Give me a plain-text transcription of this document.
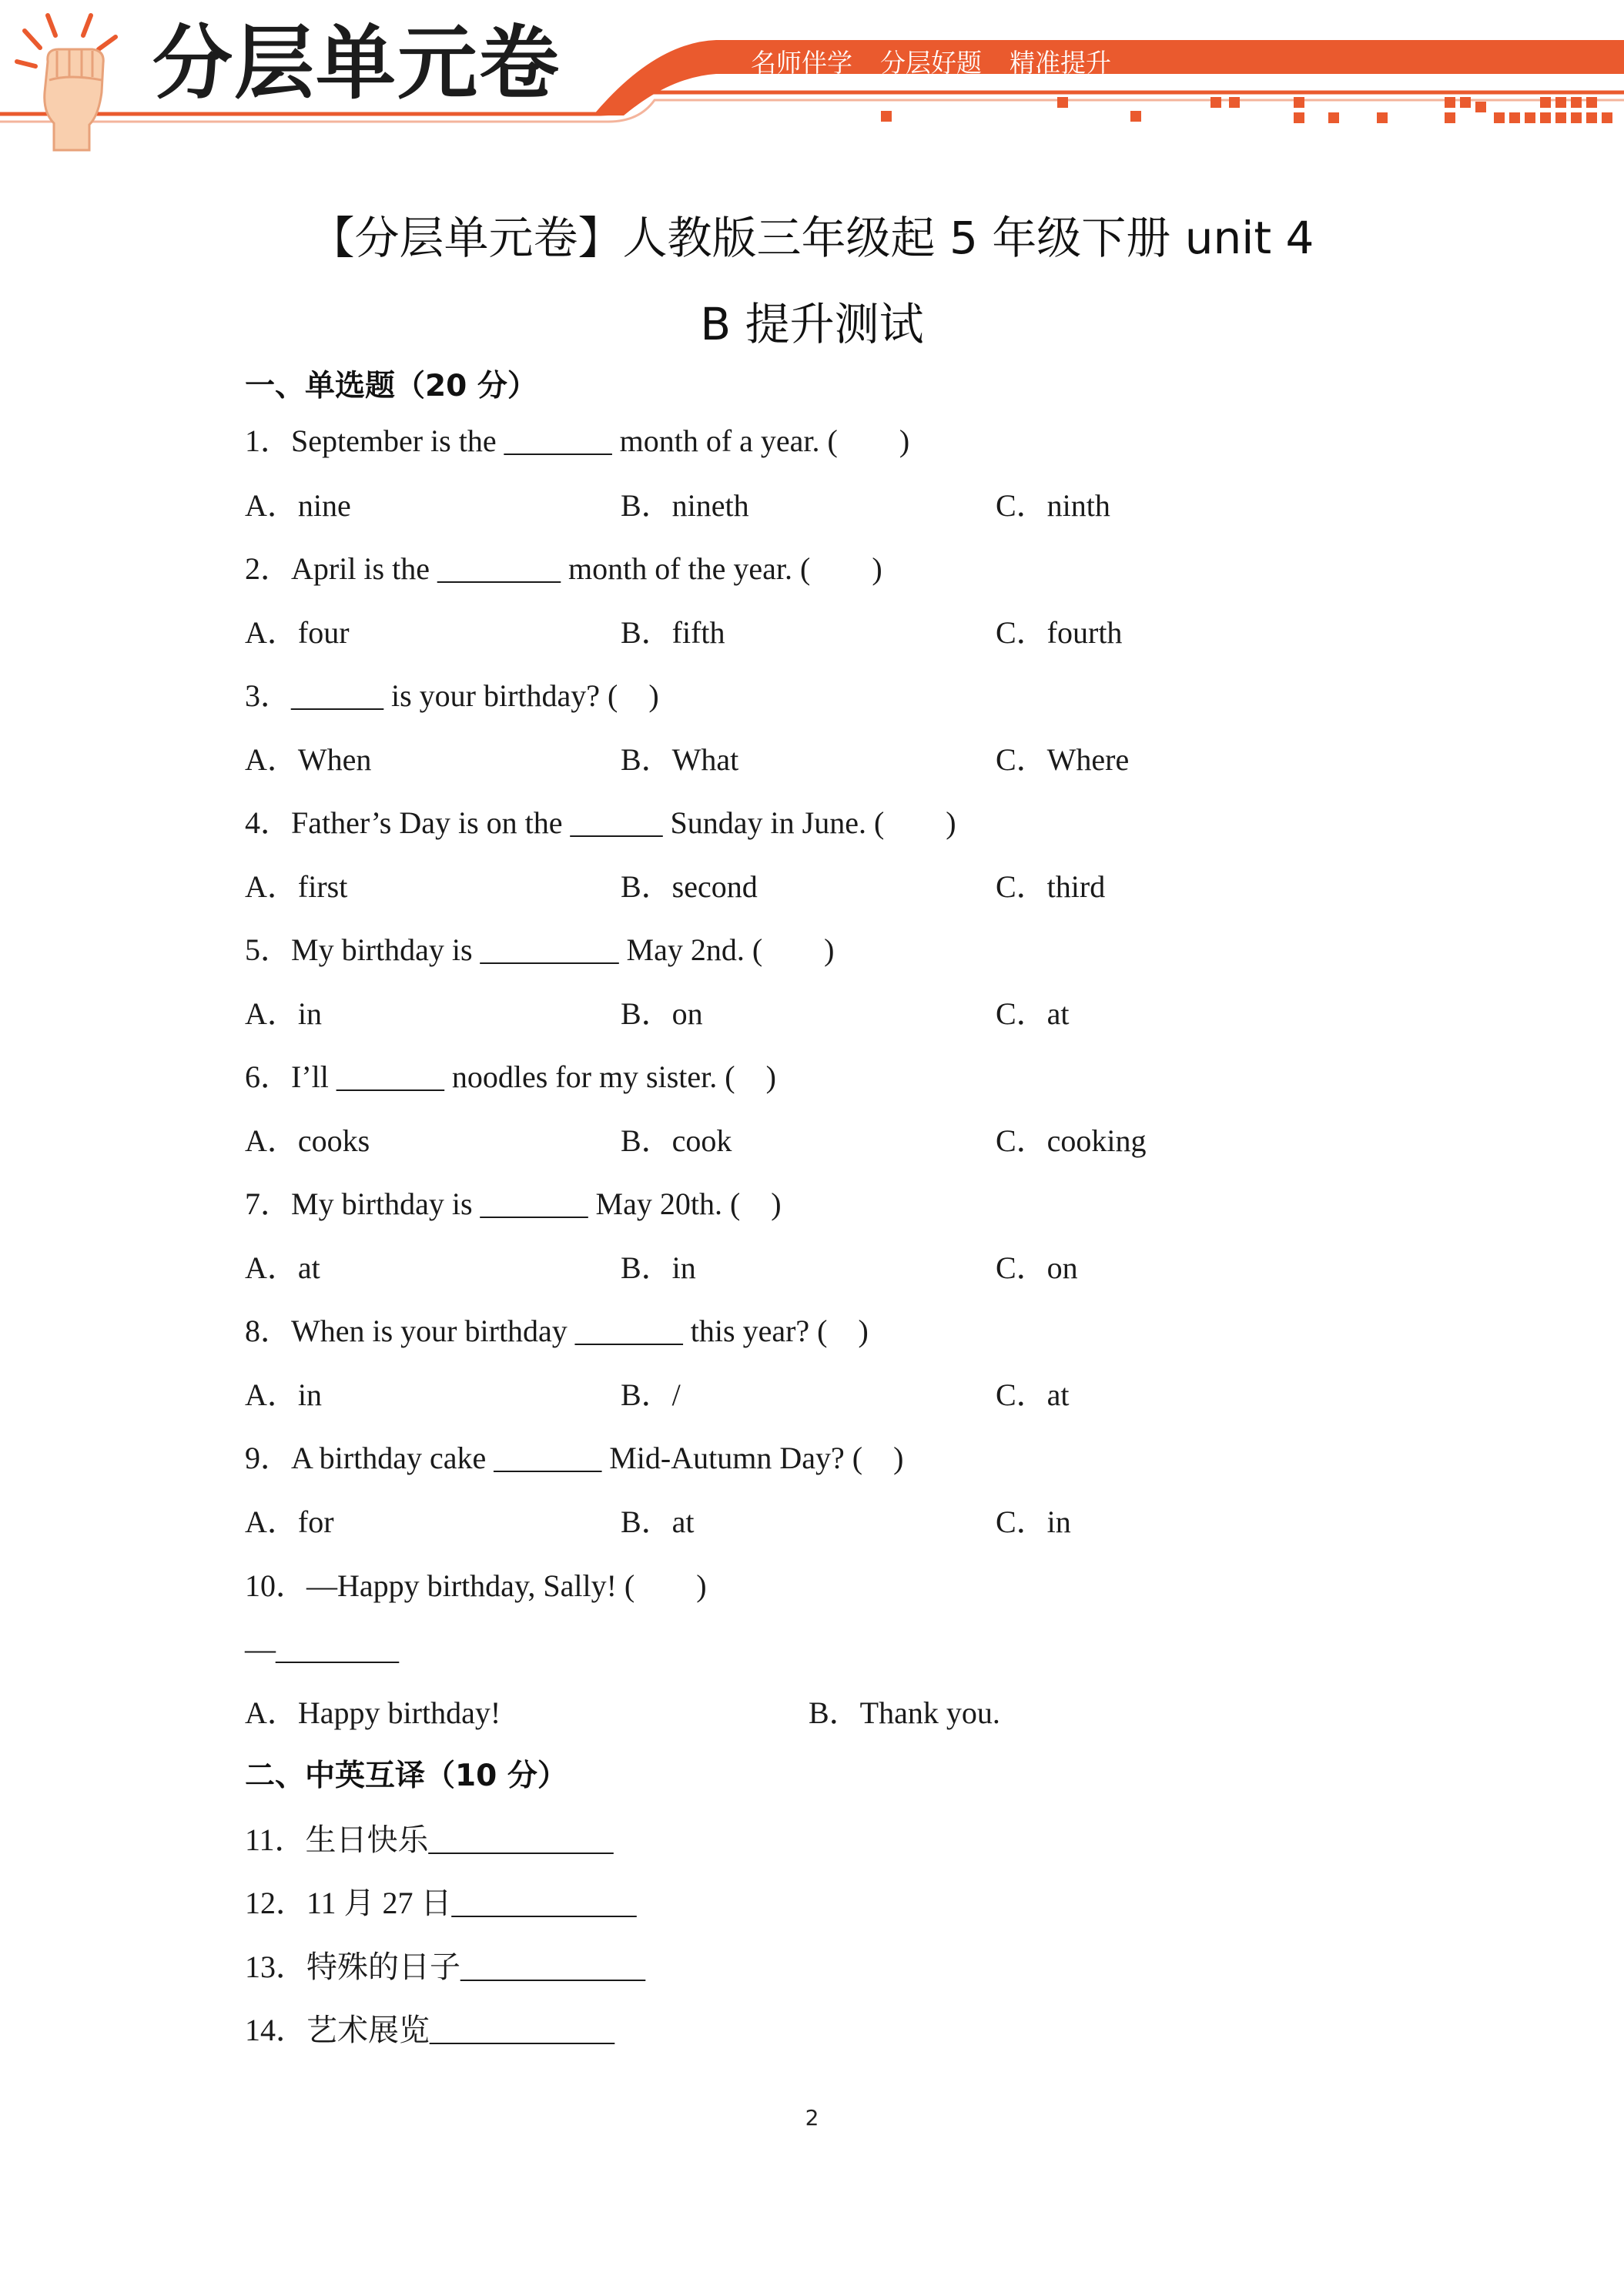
分层单元卷	名师伴学 分层好题 精准提升
【分层单元卷】人教版三年级起 5 年级下册 unit 4
B 提升测试
一、单选题（20 分）
1．September is the _______ month of a year. (　　)
A．nine	B．nineth	C．ninth
2．April is the ________ month of the year. (　　)
A．four	B．fifth	C．fourth
3．______ is your birthday? (　)
A．When	B．What	C．Where
4．Father’s Day is on the ______ Sunday in June. (　　)
A．first	B．second	C．third
5．My birthday is _________ May 2nd. (　　)
A．in	B．on	C．at
6．I’ll _______ noodles for my sister. (　)
A．cooks	B．cook	C．cooking
7．My birthday is _______ May 20th. (　)
A．at	B．in	C．on
8．When is your birthday _______ this year? (　)
A．in	B．/	C．at
9．A birthday cake _______ Mid-Autumn Day? (　)
A．for	B．at	C．in
10．—Happy birthday, Sally! (　　)
—________
A．Happy birthday!	B．Thank you.
二、中英互译（10 分）
11．生日快乐____________
12．11 月 27 日____________
13．特殊的日子____________
14．艺术展览____________
2
